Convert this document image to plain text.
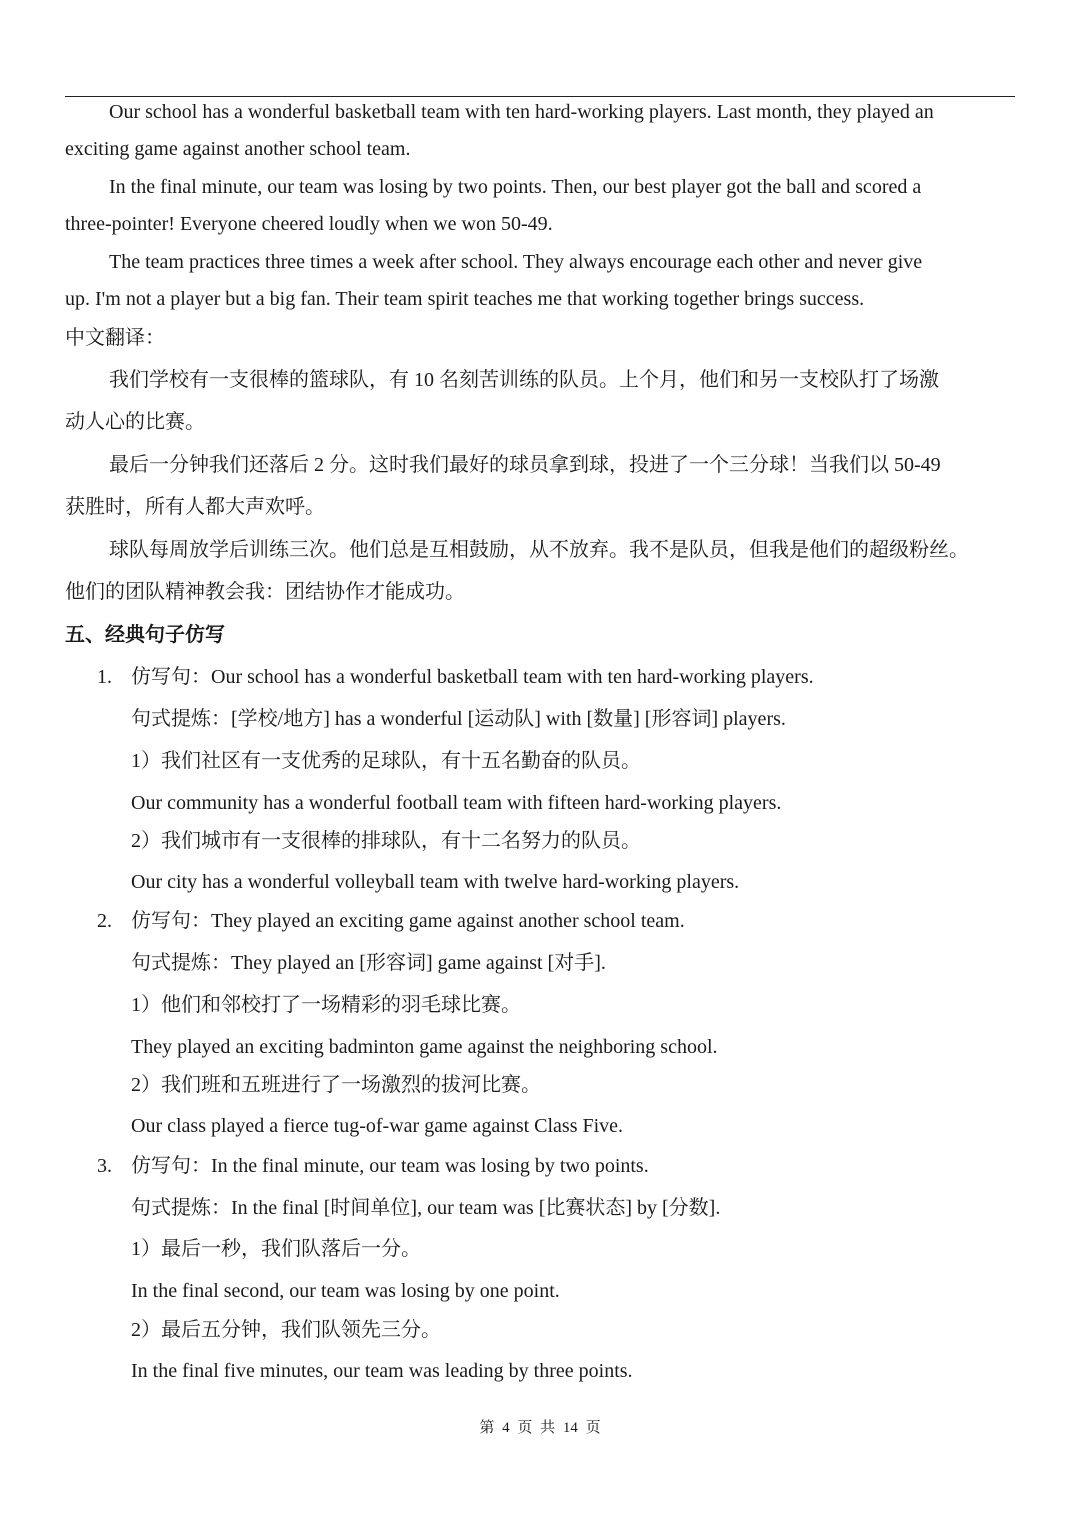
Our school has a wonderful basketball team with ten hard-working players. Last month, they played an

exciting game against another school team.

In the final minute, our team was losing by two points. Then, our best player got the ball and scored a

three-pointer! Everyone cheered loudly when we won 50-49.

The team practices three times a week after school. They always encourage each other and never give

up. I'm not a player but a big fan. Their team spirit teaches me that working together brings success.

中文翻译：

我们学校有一支很棒的篮球队，有 10 名刻苦训练的队员。上个月，他们和另一支校队打了场激

动人心的比赛。

最后一分钟我们还落后 2 分。这时我们最好的球员拿到球，投进了一个三分球！当我们以 50-49

获胜时，所有人都大声欢呼。

球队每周放学后训练三次。他们总是互相鼓励，从不放弃。我不是队员，但我是他们的超级粉丝。

他们的团队精神教会我：团结协作才能成功。

五、经典句子仿写

1. 仿写句：Our school has a wonderful basketball team with ten hard-working players.

句式提炼：[学校/地方] has a wonderful [运动队] with [数量] [形容词] players.

1）我们社区有一支优秀的足球队，有十五名勤奋的队员。

Our community has a wonderful football team with fifteen hard-working players.

2）我们城市有一支很棒的排球队，有十二名努力的队员。

Our city has a wonderful volleyball team with twelve hard-working players.

2. 仿写句：They played an exciting game against another school team.

句式提炼：They played an [形容词] game against [对手].

1）他们和邻校打了一场精彩的羽毛球比赛。

They played an exciting badminton game against the neighboring school.

2）我们班和五班进行了一场激烈的拔河比赛。

Our class played a fierce tug-of-war game against Class Five.

3. 仿写句：In the final minute, our team was losing by two points.

句式提炼：In the final [时间单位], our team was [比赛状态] by [分数].

1）最后一秒，我们队落后一分。

In the final second, our team was losing by one point.

2）最后五分钟，我们队领先三分。

In the final five minutes, our team was leading by three points.

第 4 页 共 14 页
